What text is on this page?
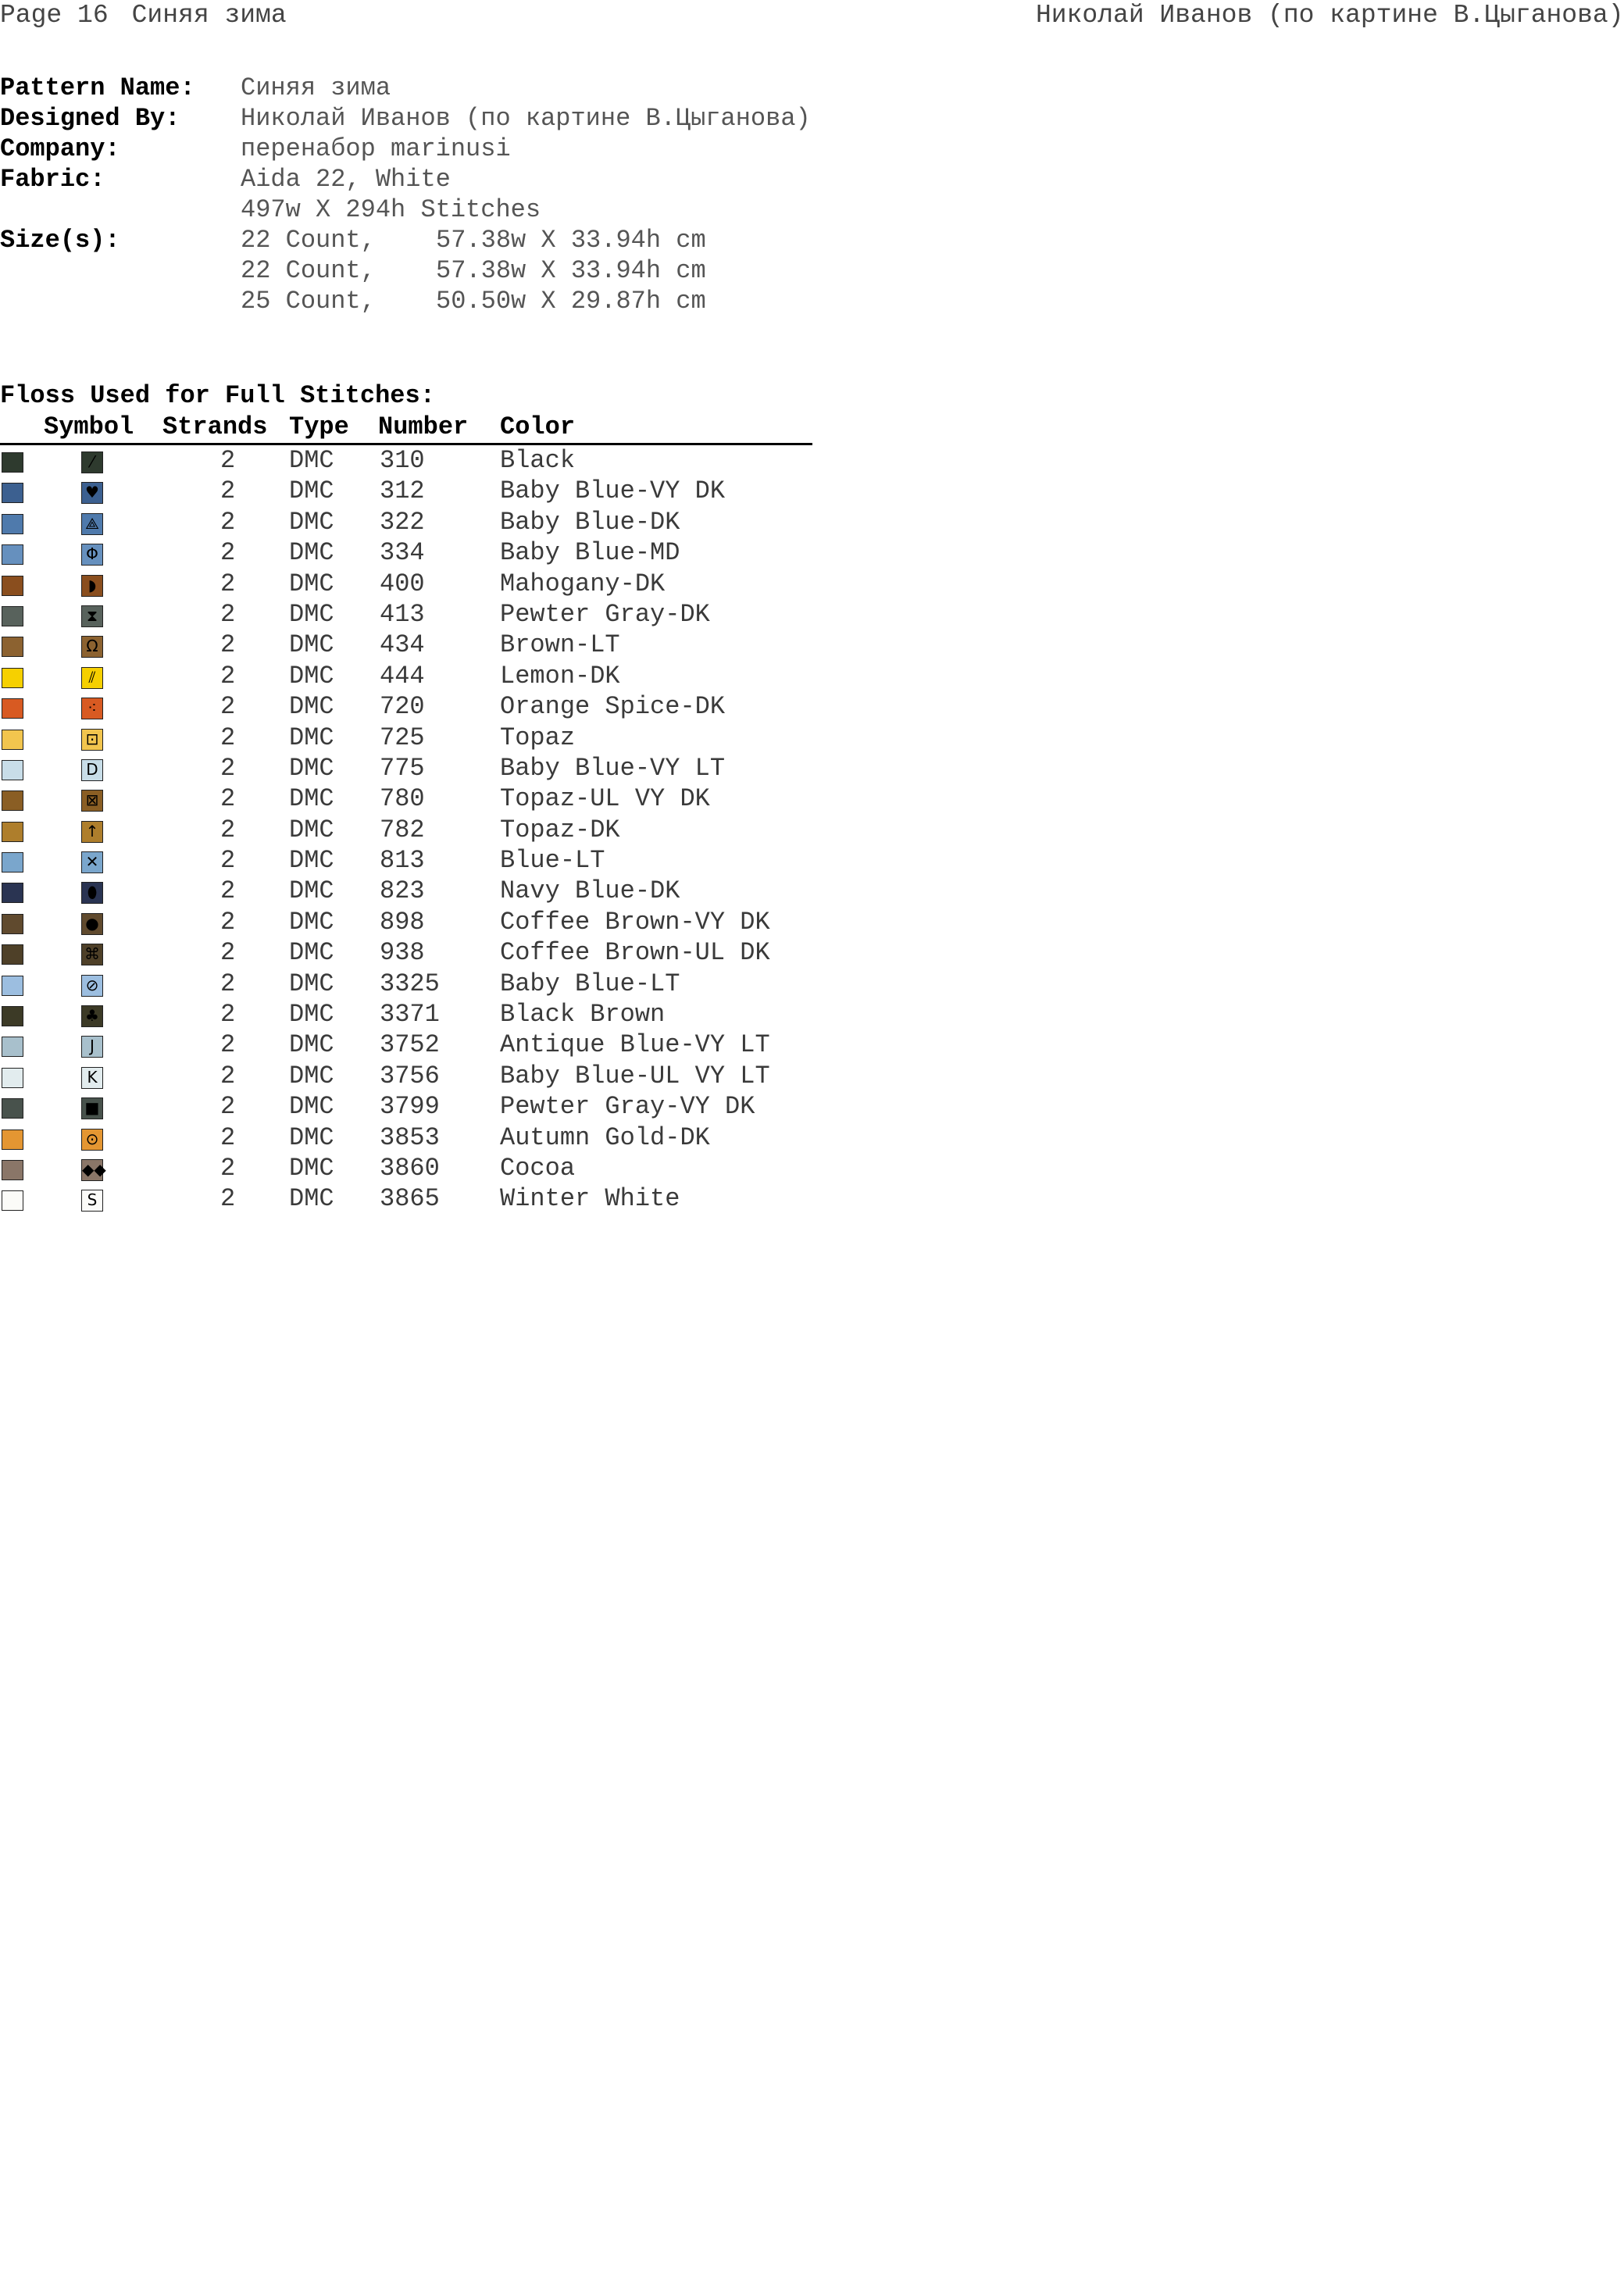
Page 16 Синяя зима	Николай Иванов (по картине В.Цыганова)
Pattern Name: Синяя зима
Designed By: Николай Иванов (по картине В.Цыганова)
Company:	перенабор marinusi
Fabric:	Aida 22, White
497w X 294h Stitches
Size(s):	22 Count, 57.38w X 33.94h cm
22 Count, 57.38w X 33.94h cm
25 Count, 50.50w X 29.87h cm
Floss Used for Full Stitches:
Symbol Strands Type Number Color
⁄	2 DMC 310	Black
♥	2 DMC 312	Baby Blue-VY DK
⟁	2 DMC 322	Baby Blue-DK
Φ	2 DMC 334	Baby Blue-MD
◗	2 DMC 400	Mahogany-DK
⧗	2 DMC 413	Pewter Gray-DK
Ω	2 DMC 434	Brown-LT
⫽	2 DMC 444	Lemon-DK
⁖	2 DMC 720	Orange Spice-DK
⊡	2 DMC 725	Topaz
D	2 DMC 775	Baby Blue-VY LT
⊠	2 DMC 780	Topaz-UL VY DK
↑	2 DMC 782	Topaz-DK
✕	2 DMC 813	Blue-LT
⬮	2 DMC 823	Navy Blue-DK
●	2 DMC 898	Coffee Brown-VY DK
⌘	2 DMC 938	Coffee Brown-UL DK
⊘	2 DMC 3325 Baby Blue-LT
♣	2 DMC 3371 Black Brown
J	2 DMC 3752 Antique Blue-VY LT
K	2 DMC 3756 Baby Blue-UL VY LT
■	2 DMC 3799 Pewter Gray-VY DK
⊙	2 DMC 3853 Autumn Gold-DK
◆◆	2 DMC 3860 Cocoa
S	2 DMC 3865 Winter White
